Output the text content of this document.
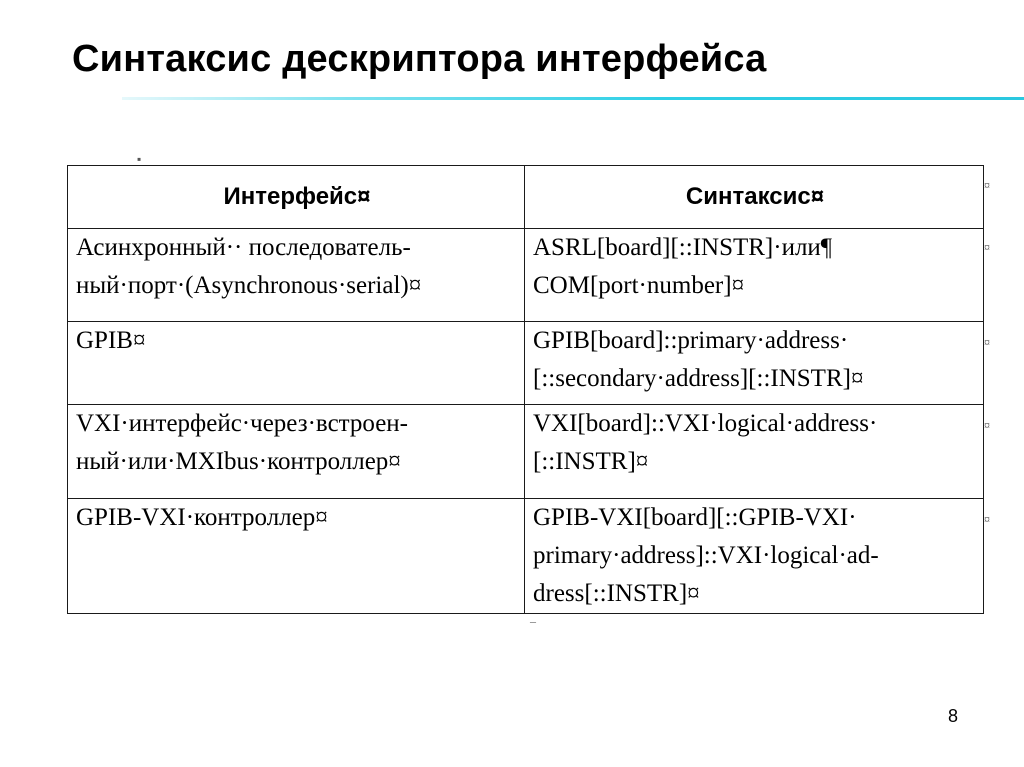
Синтаксис дескриптора интерфейса
▪
¤
¤
¤
¤
¤
–
Интерфейс¤	Синтаксис¤

Асинхронный·· последователь-
ный·порт·(Asynchronous·serial)¤	ASRL[board][::INSTR]·или¶
COM[port·number]¤

GPIB¤	GPIB[board]::primary·address·
[::secondary·address][::INSTR]¤

VXI·интерфейс·через·встроен-
ный·или·MXIbus·контроллер¤	VXI[board]::VXI·logical·address·
[::INSTR]¤

GPIB-VXI·контроллер¤	GPIB-VXI[board][::GPIB-VXI·
primary·address]::VXI·logical·ad-
dress[::INSTR]¤
8
